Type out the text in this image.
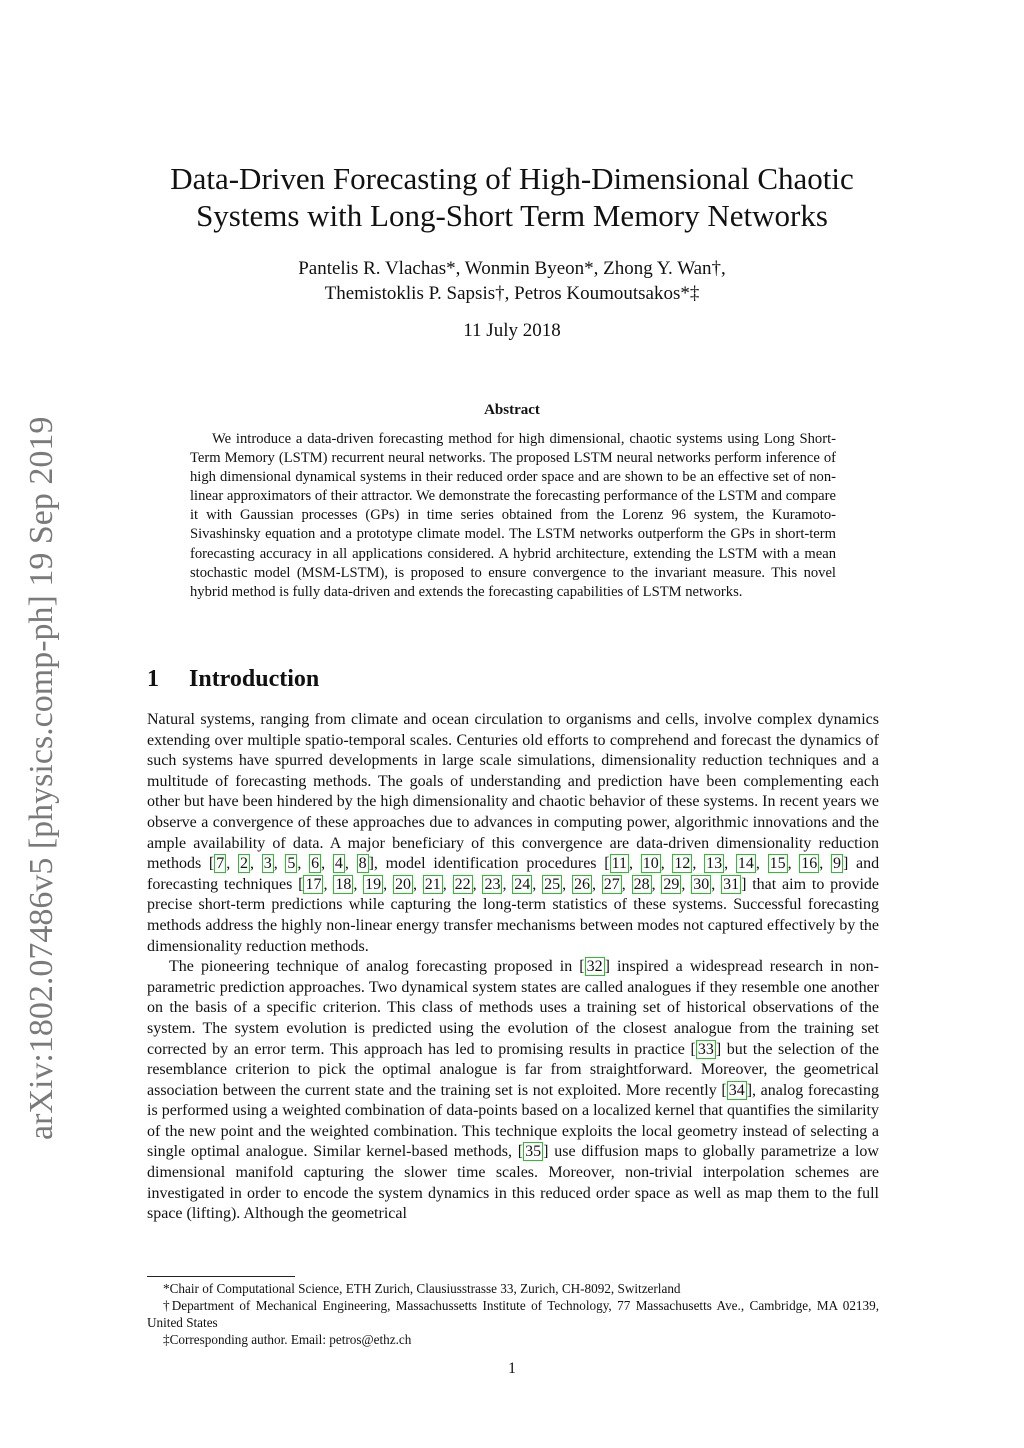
arXiv:1802.07486v5 [physics.comp-ph] 19 Sep 2019
Data-Driven Forecasting of High-Dimensional Chaotic
Systems with Long-Short Term Memory Networks
Pantelis R. Vlachas*, Wonmin Byeon*, Zhong Y. Wan†,
Themistoklis P. Sapsis†, Petros Koumoutsakos*‡
11 July 2018
Abstract

We introduce a data-driven forecasting method for high dimensional, chaotic systems using Long Short-Term Memory (LSTM) recurrent neural networks. The proposed LSTM neural networks perform inference of high dimensional dynamical systems in their reduced order space and are shown to be an effective set of non-linear approximators of their attractor. We demonstrate the forecasting performance of the LSTM and compare it with Gaussian processes (GPs) in time series obtained from the Lorenz 96 system, the Kuramoto-Sivashinsky equation and a prototype climate model. The LSTM networks outperform the GPs in short-term forecasting accuracy in all applications considered. A hybrid architecture, extending the LSTM with a mean stochastic model (MSM-LSTM), is proposed to ensure convergence to the invariant measure. This novel hybrid method is fully data-driven and extends the forecasting capabilities of LSTM networks.

1 Introduction

Natural systems, ranging from climate and ocean circulation to organisms and cells, involve complex dynamics extending over multiple spatio-temporal scales. Centuries old efforts to comprehend and forecast the dynamics of such systems have spurred developments in large scale simulations, dimensionality reduction techniques and a multitude of forecasting methods. The goals of understanding and prediction have been complementing each other but have been hindered by the high dimensionality and chaotic behavior of these systems. In recent years we observe a convergence of these approaches due to advances in computing power, algorithmic innovations and the ample availability of data. A major beneficiary of this convergence are data-driven dimensionality reduction methods [ 7 , 2 , 3 , 5 , 6 , 4 , 8 ], model identification procedures [ 11 , 10 , 12 , 13 , 14 , 15 , 16 , 9 ] and forecasting techniques [ 17 , 18 , 19 , 20 , 21 , 22 , 23 , 24 , 25 , 26 , 27 , 28 , 29 , 30 , 31 ] that aim to provide precise short-term predictions while capturing the long-term statistics of these systems. Successful forecasting methods address the highly non-linear energy transfer mechanisms between modes not captured effectively by the dimensionality reduction methods.

The pioneering technique of analog forecasting proposed in [ 32 ] inspired a widespread research in non-parametric prediction approaches. Two dynamical system states are called analogues if they resemble one another on the basis of a specific criterion. This class of methods uses a training set of historical observations of the system. The system evolution is predicted using the evolution of the closest analogue from the training set corrected by an error term. This approach has led to promising results in practice [ 33 ] but the selection of the resemblance criterion to pick the optimal analogue is far from straightforward. Moreover, the geometrical association between the current state and the training set is not exploited. More recently [ 34 ], analog forecasting is performed using a weighted combination of data-points based on a localized kernel that quantifies the similarity of the new point and the weighted combination. This technique exploits the local geometry instead of selecting a single optimal analogue. Similar kernel-based methods, [ 35 ] use diffusion maps to globally parametrize a low dimensional manifold capturing the slower time scales. Moreover, non-trivial interpolation schemes are investigated in order to encode the system dynamics in this reduced order space as well as map them to the full space (lifting). Although the geometrical

*Chair of Computational Science, ETH Zurich, Clausiusstrasse 33, Zurich, CH-8092, Switzerland

†Department of Mechanical Engineering, Massachussetts Institute of Technology, 77 Massachusetts Ave., Cambridge, MA 02139, United States

‡Corresponding author. Email: petros@ethz.ch

1
